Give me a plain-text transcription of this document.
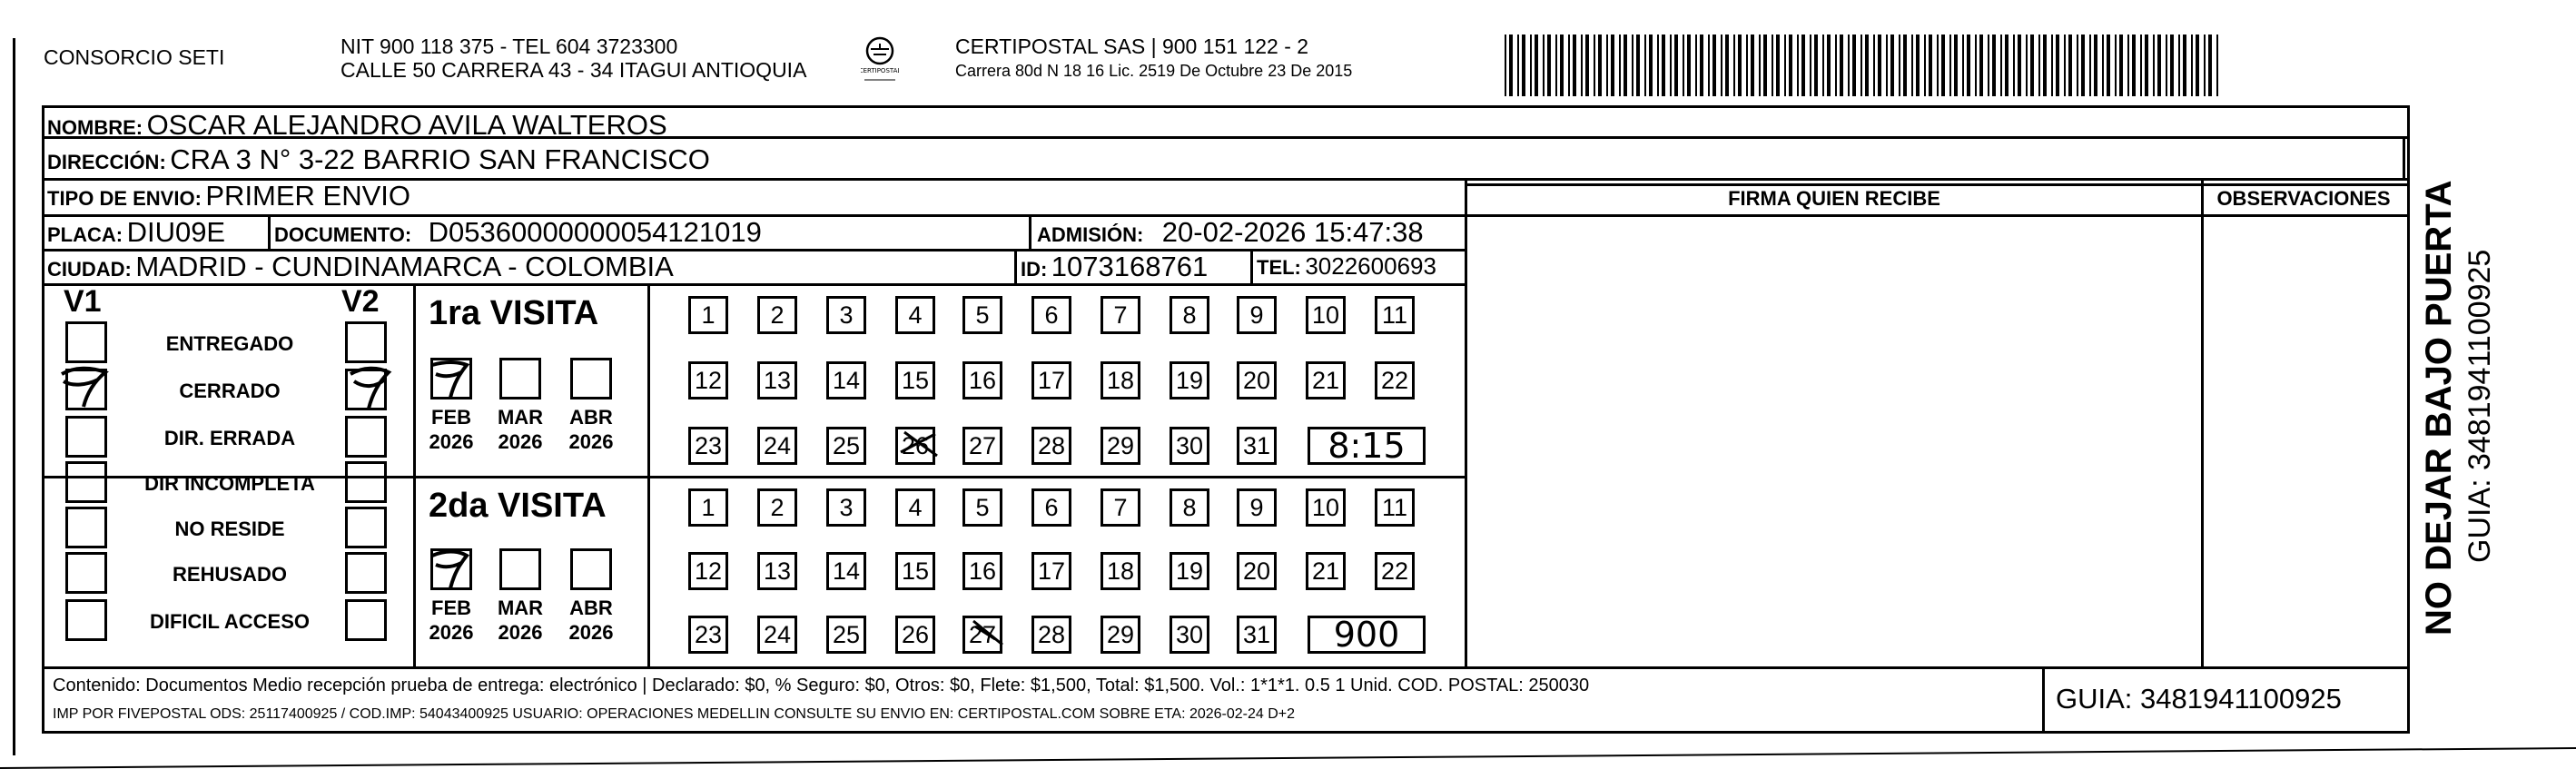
CONSORCIO SETI	NIT 900 118 375 - TEL 604 3723300
CALLE 50 CARRERA 43 - 34 ITAGUI ANTIOQUIA	CERTIPOSTAL
CERTIPOSTAL SAS | 900 151 122 - 2
Carrera 80d N 18 16 Lic. 2519 De Octubre 23 De 2015
NOMBRE: OSCAR ALEJANDRO AVILA WALTEROS
DIRECCIÓN: CRA 3 N° 3-22 BARRIO SAN FRANCISCO
TIPO DE ENVIO: PRIMER ENVIO	FIRMA QUIEN RECIBE	OBSERVACIONES
PLACA: DIU09E DOCUMENTO: D05360000000054121019	ADMISIÓN: 20-02-2026 15:47:38
CIUDAD: MADRID - CUNDINAMARCA - COLOMBIA	ID: 1073168761 TEL: 3022600693
V1	V2
ENTREGADO
CERRADO
DIR. ERRADA
DIR INCOMPLETA
NO RESIDE
REHUSADO
DIFICIL ACCESO
1ra VISITA
2da VISITA
FEB
2026
MAR
2026
ABR
2026
1	2	3	4	5	6	7	8	9	10 11
12 13 14 15 16 17 18 19 20 21 22
23 24 25 26 27 28 29 30 31	8:15
FEB
2026
MAR
2026
ABR
2026
1	2	3	4	5	6	7	8	9	10 11
12 13 14 15 16 17 18 19 20 21 22
23 24 25 26 27 28 29 30 31	900
Contenido: Documentos Medio recepción prueba de entrega: electrónico | Declarado: $0, % Seguro: $0, Otros: $0, Flete: $1,500, Total: $1,500. Vol.: 1*1*1. 0.5 1 Unid. COD. POSTAL: 250030
IMP POR FIVEPOSTAL ODS: 25117400925 / COD.IMP: 54043400925 USUARIO: OPERACIONES MEDELLIN CONSULTE SU ENVIO EN: CERTIPOSTAL.COM SOBRE ETA: 2026-02-24 D+2	GUIA: 3481941100925
NO DEJAR BAJO PUERTA GUIA: 3481941100925
